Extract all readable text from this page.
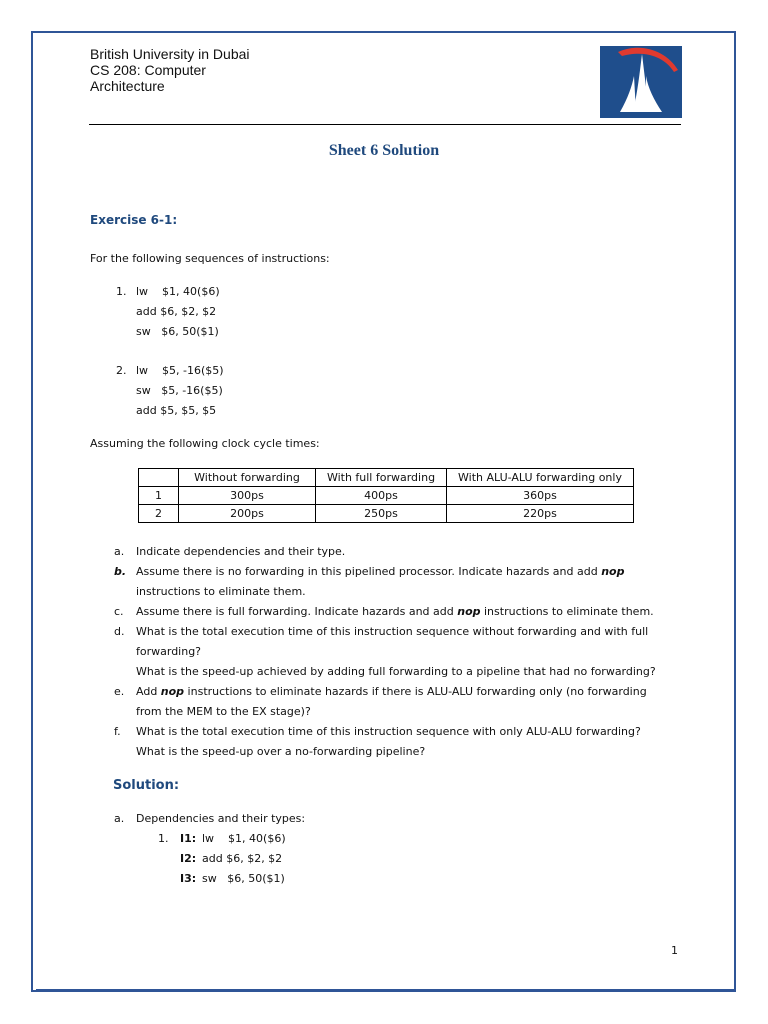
British University in Dubai
CS 208: Computer
Architecture
Sheet 6 Solution
Exercise 6-1:
For the following sequences of instructions:
1. lw    $1, 40($6)
add $6, $2, $2
sw   $6, 50($1)
2. lw    $5, -16($5)
sw   $5, -16($5)
add $5, $5, $5
Assuming the following clock cycle times:
	Without forwarding	With full forwarding	With ALU-ALU forwarding only
1	300ps	400ps	360ps
2	200ps	250ps	220ps
a. Indicate dependencies and their type.
b. Assume there is no forwarding in this pipelined processor. Indicate hazards and add nop
instructions to eliminate them.
c. Assume there is full forwarding. Indicate hazards and add nop instructions to eliminate them.
d. What is the total execution time of this instruction sequence without forwarding and with full
forwarding?
What is the speed-up achieved by adding full forwarding to a pipeline that had no forwarding?
e. Add nop instructions to eliminate hazards if there is ALU-ALU forwarding only (no forwarding
from the MEM to the EX stage)?
f. What is the total execution time of this instruction sequence with only ALU-ALU forwarding?
What is the speed-up over a no-forwarding pipeline?
Solution:
a. Dependencies and their types:
1. I1: lw    $1, 40($6)
I2: add $6, $2, $2
I3: sw   $6, 50($1)
1
